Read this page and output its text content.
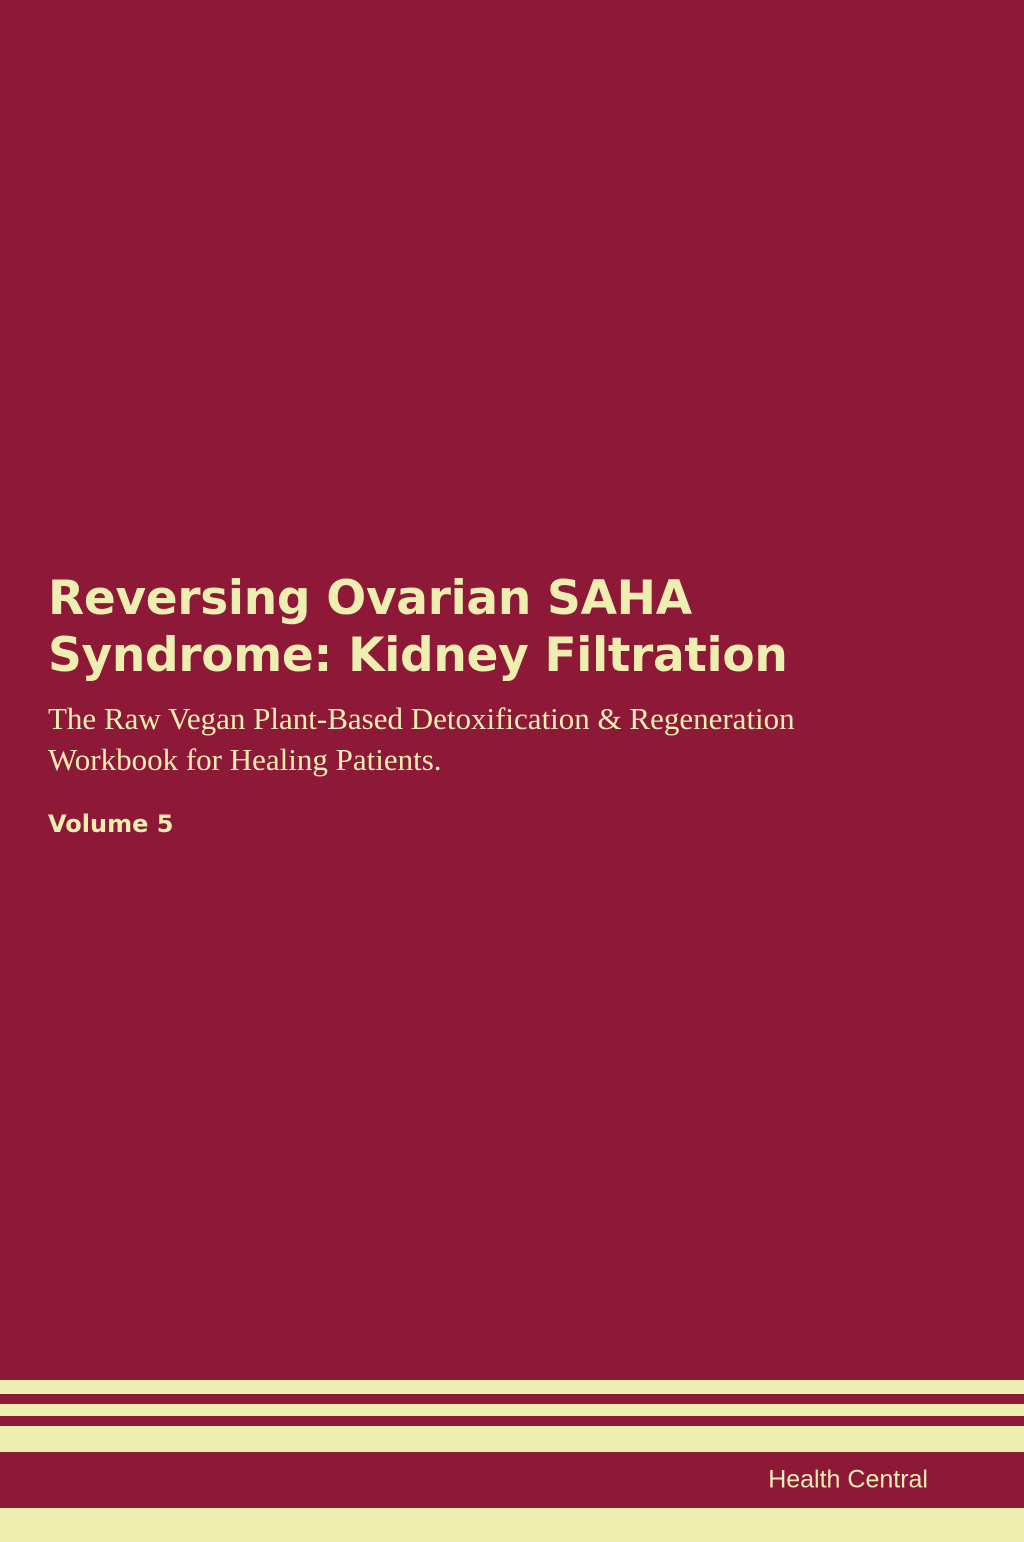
Reversing Ovarian SAHA Syndrome: Kidney Filtration

The Raw Vegan Plant-Based Detoxification & Regeneration Workbook for Healing Patients.

Volume 5

Health Central
